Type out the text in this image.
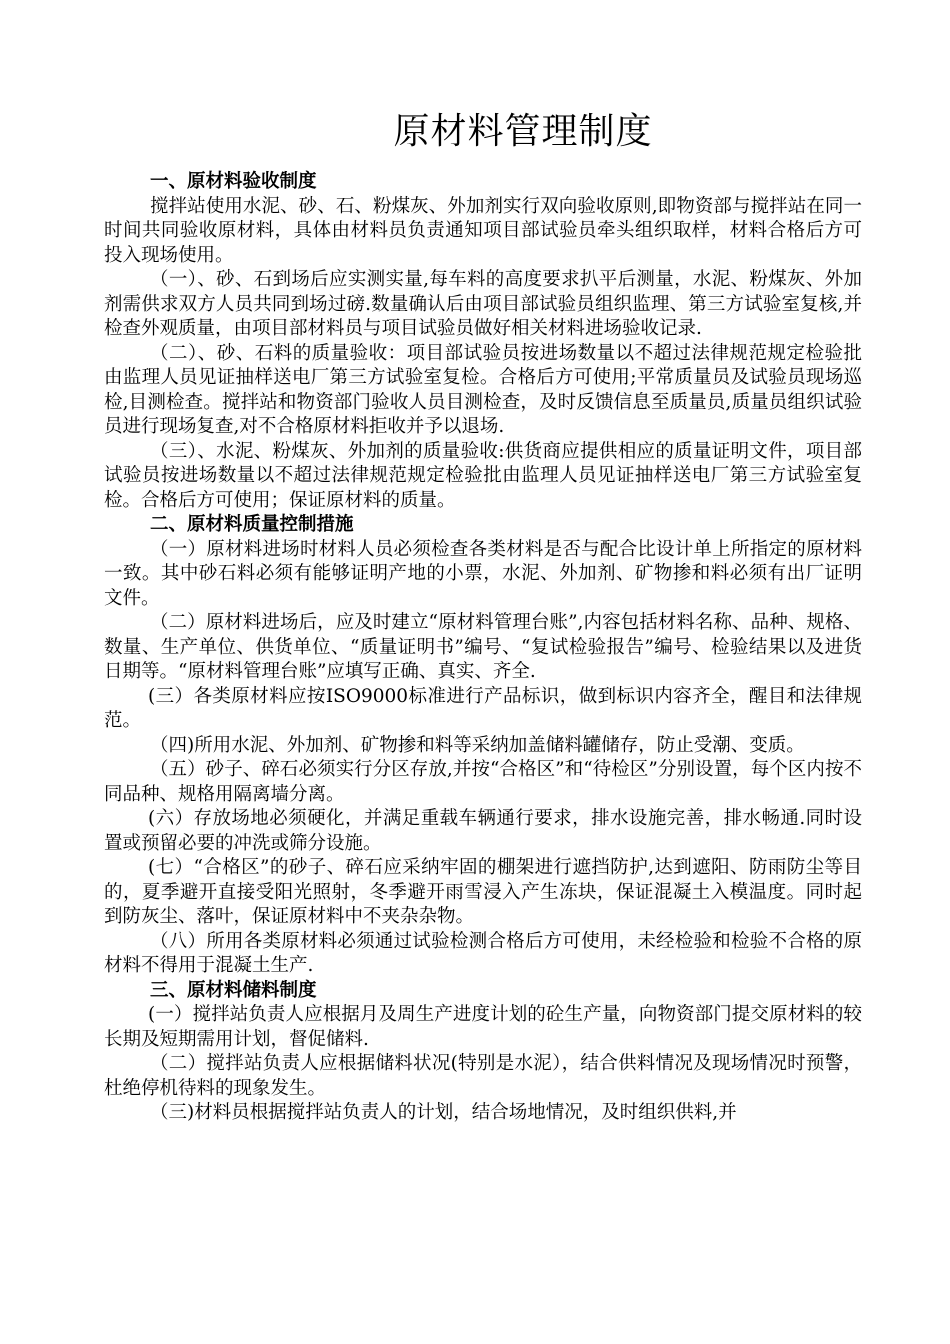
原材料管理制度
一、原材料验收制度

搅拌站使用水泥、砂、石、粉煤灰、外加剂实行双向验收原则,即物资部与搅拌站在同一时间共同验收原材料，具体由材料员负责通知项目部试验员牵头组织取样，材料合格后方可投入现场使用。

（一）、砂、石到场后应实测实量,每车料的高度要求扒平后测量，水泥、粉煤灰、外加剂需供求双方人员共同到场过磅.数量确认后由项目部试验员组织监理、第三方试验室复核,并检查外观质量，由项目部材料员与项目试验员做好相关材料进场验收记录.

（二）、砂、石料的质量验收：项目部试验员按进场数量以不超过法律规范规定检验批由监理人员见证抽样送电厂第三方试验室复检。合格后方可使用;平常质量员及试验员现场巡检,目测检查。搅拌站和物资部门验收人员目测检查，及时反馈信息至质量员,质量员组织试验员进行现场复查,对不合格原材料拒收并予以退场.

（三）、水泥、粉煤灰、外加剂的质量验收:供货商应提供相应的质量证明文件，项目部试验员按进场数量以不超过法律规范规定检验批由监理人员见证抽样送电厂第三方试验室复检。合格后方可使用；保证原材料的质量。

二、原材料质量控制措施

（一）原材料进场时材料人员必须检查各类材料是否与配合比设计单上所指定的原材料一致。其中砂石料必须有能够证明产地的小票，水泥、外加剂、矿物掺和料必须有出厂证明文件。

（二）原材料进场后，应及时建立“原材料管理台账”,内容包括材料名称、品种、规格、数量、生产单位、供货单位、“质量证明书”编号、“复试检验报告”编号、检验结果以及进货日期等。“原材料管理台账”应填写正确、真实、齐全.

(三）各类原材料应按ISO9000标准进行产品标识，做到标识内容齐全，醒目和法律规范。

（四)所用水泥、外加剂、矿物掺和料等采纳加盖储料罐储存，防止受潮、变质。

（五）砂子、碎石必须实行分区存放,并按“合格区”和“待检区”分别设置，每个区内按不同品种、规格用隔离墙分离。

(六）存放场地必须硬化，并满足重载车辆通行要求，排水设施完善，排水畅通.同时设置或预留必要的冲洗或筛分设施。

(七）“合格区”的砂子、碎石应采纳牢固的棚架进行遮挡防护,达到遮阳、防雨防尘等目的，夏季避开直接受阳光照射，冬季避开雨雪浸入产生冻块，保证混凝土入模温度。同时起到防灰尘、落叶，保证原材料中不夹杂杂物。

（八）所用各类原材料必须通过试验检测合格后方可使用，未经检验和检验不合格的原材料不得用于混凝土生产.

三、原材料储料制度

(一）搅拌站负责人应根据月及周生产进度计划的砼生产量，向物资部门提交原材料的较长期及短期需用计划，督促储料.

（二）搅拌站负责人应根据储料状况(特别是水泥），结合供料情况及现场情况时预警，杜绝停机待料的现象发生。

（三)材料员根据搅拌站负责人的计划，结合场地情况，及时组织供料,并
